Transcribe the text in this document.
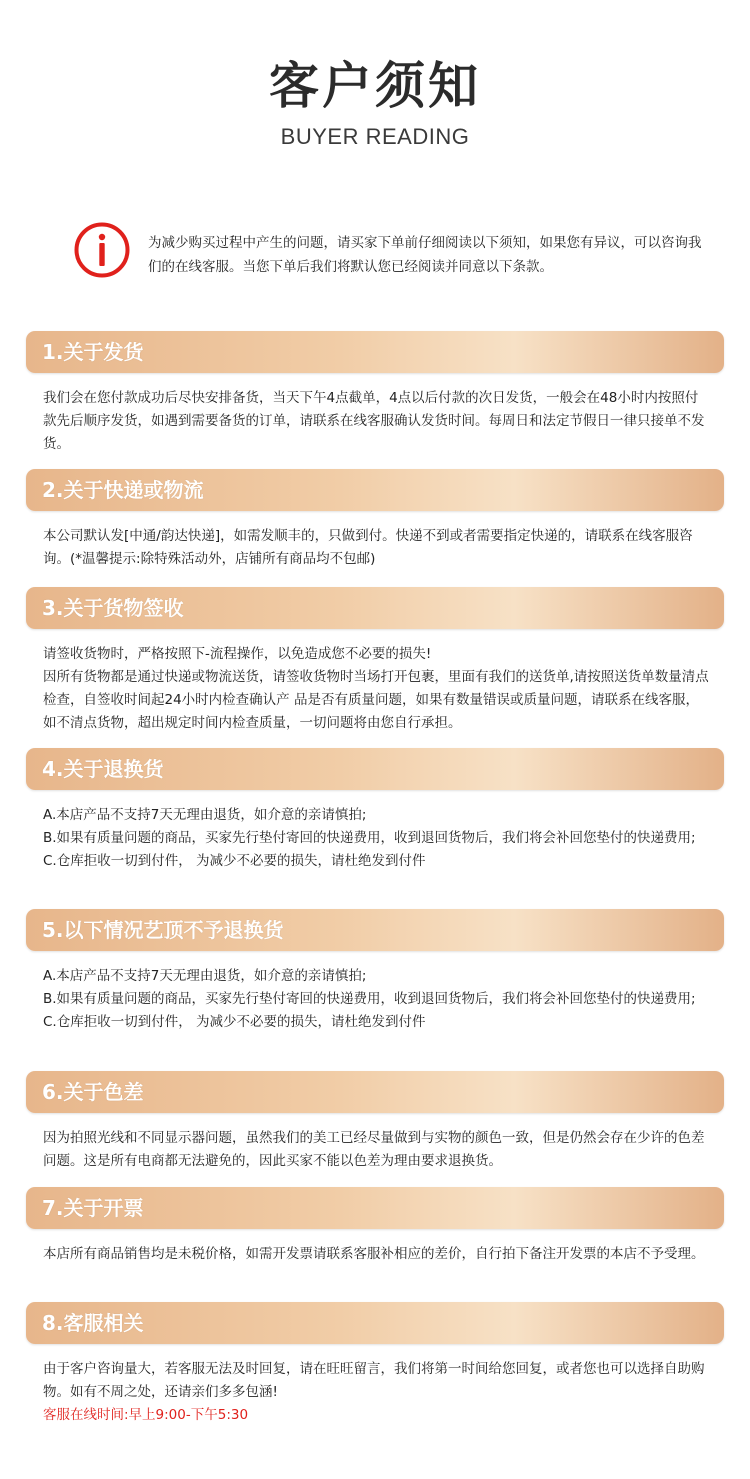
客户须知
BUYER READING
为减少购买过程中产生的问题，请买家下单前仔细阅读以下须知，如果您有异议，可以咨询我们的在线客服。当您下单后我们将默认您已经阅读并同意以下条款。
1.关于发货

我们会在您付款成功后尽快安排备货，当天下午4点截单，4点以后付款的次日发货，一般会在48小时内按照付款先后顺序发货，如遇到需要备货的订单，请联系在线客服确认发货时间。每周日和法定节假日一律只接单不发货。

2.关于快递或物流

本公司默认发[中通/韵达快递]，如需发顺丰的，只做到付。快递不到或者需要指定快递的，请联系在线客服咨询。(*温馨提示:除特殊活动外，店铺所有商品均不包邮)

3.关于货物签收

请签收货物时，严格按照下-流程操作，以免造成您不必要的损失!

因所有货物都是通过快递或物流送货，请签收货物时当场打开包裹，里面有我们的送货单,请按照送货单数量清点检查，自签收时间起24小时内检查确认产 品是否有质量问题，如果有数量错误或质量问题，请联系在线客服，如不清点货物，超出规定时间内检查质量，一切问题将由您自行承担。

4.关于退换货

A.本店产品不支持7天无理由退货，如介意的亲请慎拍;

B.如果有质量问题的商品，买家先行垫付寄回的快递费用，收到退回货物后，我们将会补回您垫付的快递费用;

C.仓库拒收一切到付件， 为减少不必要的损失，请杜绝发到付件

5.以下情况艺顶不予退换货

A.本店产品不支持7天无理由退货，如介意的亲请慎拍;

B.如果有质量问题的商品，买家先行垫付寄回的快递费用，收到退回货物后，我们将会补回您垫付的快递费用;

C.仓库拒收一切到付件， 为减少不必要的损失，请杜绝发到付件

6.关于色差

因为拍照光线和不同显示器问题，虽然我们的美工已经尽量做到与实物的颜色一致，但是仍然会存在少许的色差问题。这是所有电商都无法避免的，因此买家不能以色差为理由要求退换货。

7.关于开票

本店所有商品销售均是未税价格，如需开发票请联系客服补相应的差价，自行拍下备注开发票的本店不予受理。

8.客服相关

由于客户咨询量大，若客服无法及时回复，请在旺旺留言，我们将第一时间给您回复，或者您也可以选择自助购物。如有不周之处，还请亲们多多包涵!

客服在线时间:早上9:00-下午5:30
